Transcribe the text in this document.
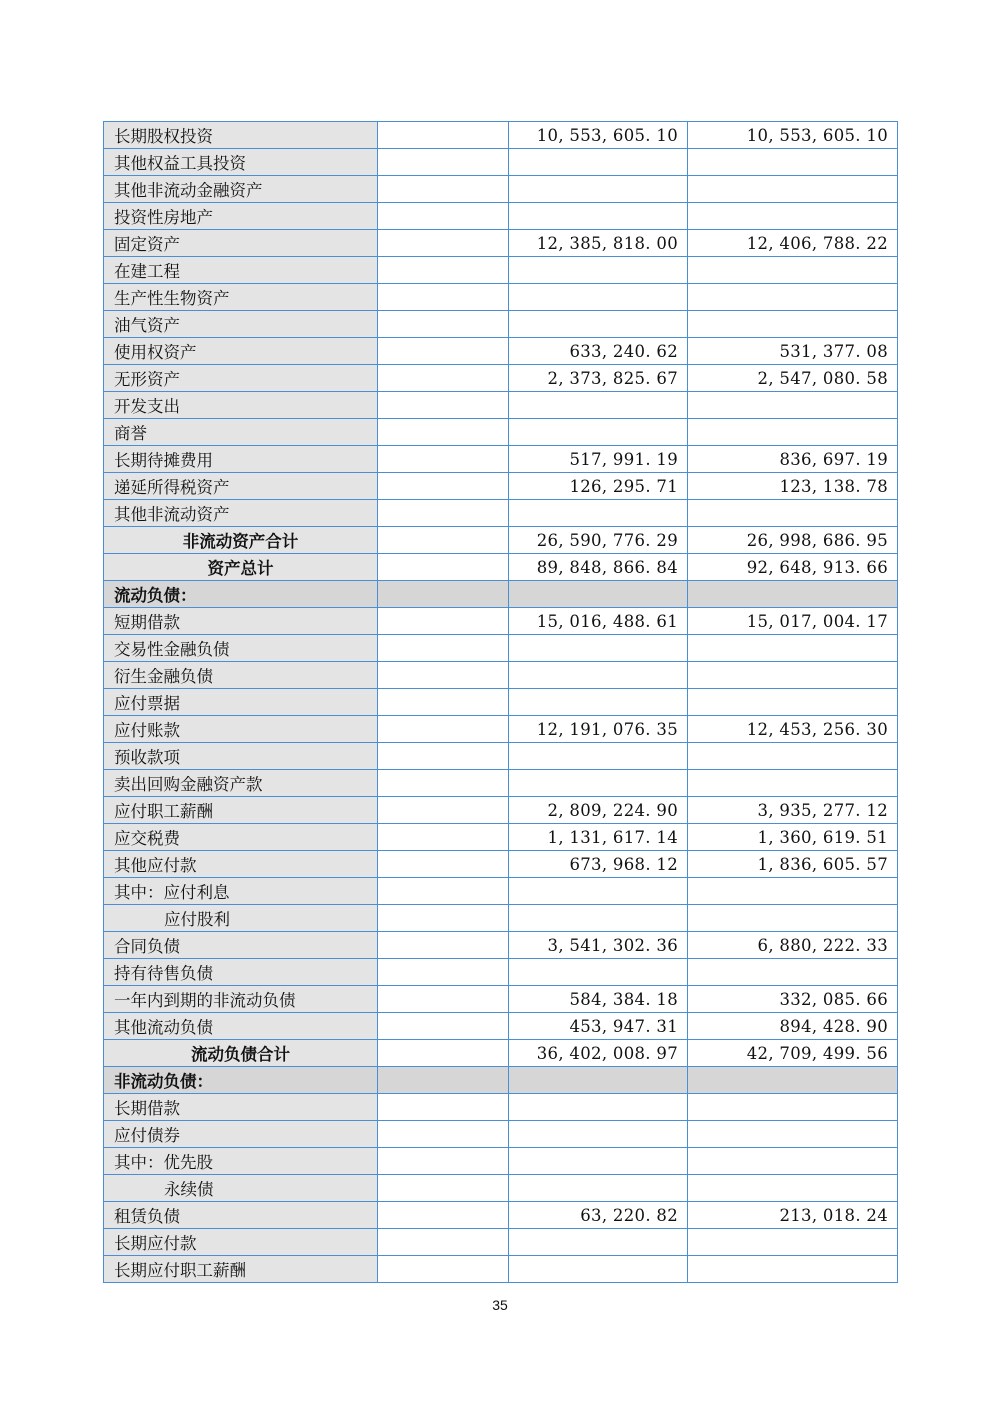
长期股权投资		10, 553, 605. 10	10, 553, 605. 10
其他权益工具投资			
其他非流动金融资产			
投资性房地产			
固定资产		12, 385, 818. 00	12, 406, 788. 22
在建工程			
生产性生物资产			
油气资产			
使用权资产		633, 240. 62	531, 377. 08
无形资产		2, 373, 825. 67	2, 547, 080. 58
开发支出			
商誉			
长期待摊费用		517, 991. 19	836, 697. 19
递延所得税资产		126, 295. 71	123, 138. 78
其他非流动资产			
非流动资产合计		26, 590, 776. 29	26, 998, 686. 95
资产总计		89, 848, 866. 84	92, 648, 913. 66
流动负债：			
短期借款		15, 016, 488. 61	15, 017, 004. 17
交易性金融负债			
衍生金融负债			
应付票据			
应付账款		12, 191, 076. 35	12, 453, 256. 30
预收款项			
卖出回购金融资产款			
应付职工薪酬		2, 809, 224. 90	3, 935, 277. 12
应交税费		1, 131, 617. 14	1, 360, 619. 51
其他应付款		673, 968. 12	1, 836, 605. 57
其中：应付利息			
应付股利			
合同负债		3, 541, 302. 36	6, 880, 222. 33
持有待售负债			
一年内到期的非流动负债		584, 384. 18	332, 085. 66
其他流动负债		453, 947. 31	894, 428. 90
流动负债合计		36, 402, 008. 97	42, 709, 499. 56
非流动负债：			
长期借款			
应付债券			
其中：优先股			
永续债			
租赁负债		63, 220. 82	213, 018. 24
长期应付款			
长期应付职工薪酬			
35
